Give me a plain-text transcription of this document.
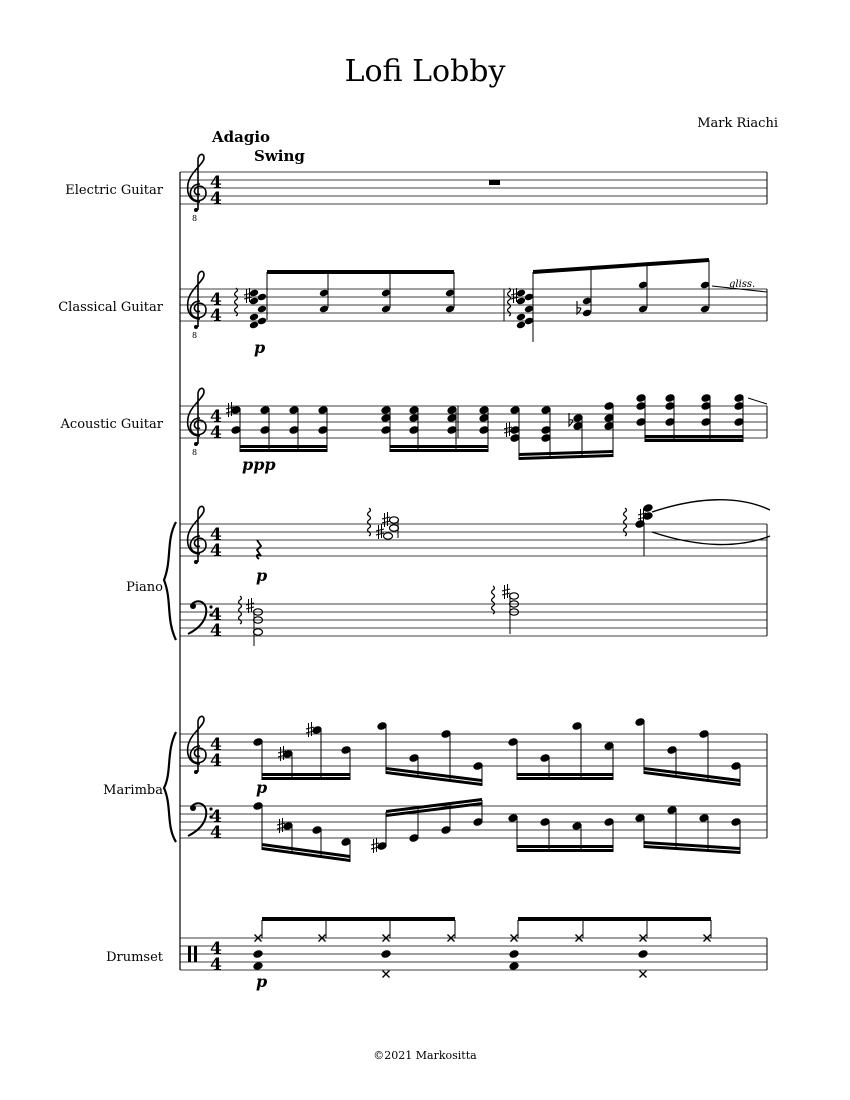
Lofi Lobby
Mark Riachi
Adagio
Swing
Electric Guitar
Classical Guitar
Acoustic Guitar
Piano
Marimba
Drumset
©2021 Markositta
8
8
8
4
4
4
4
4
4
4
4
4
4
4
4
4
4
4
4
gliss.
p
ppp
p
p
p
